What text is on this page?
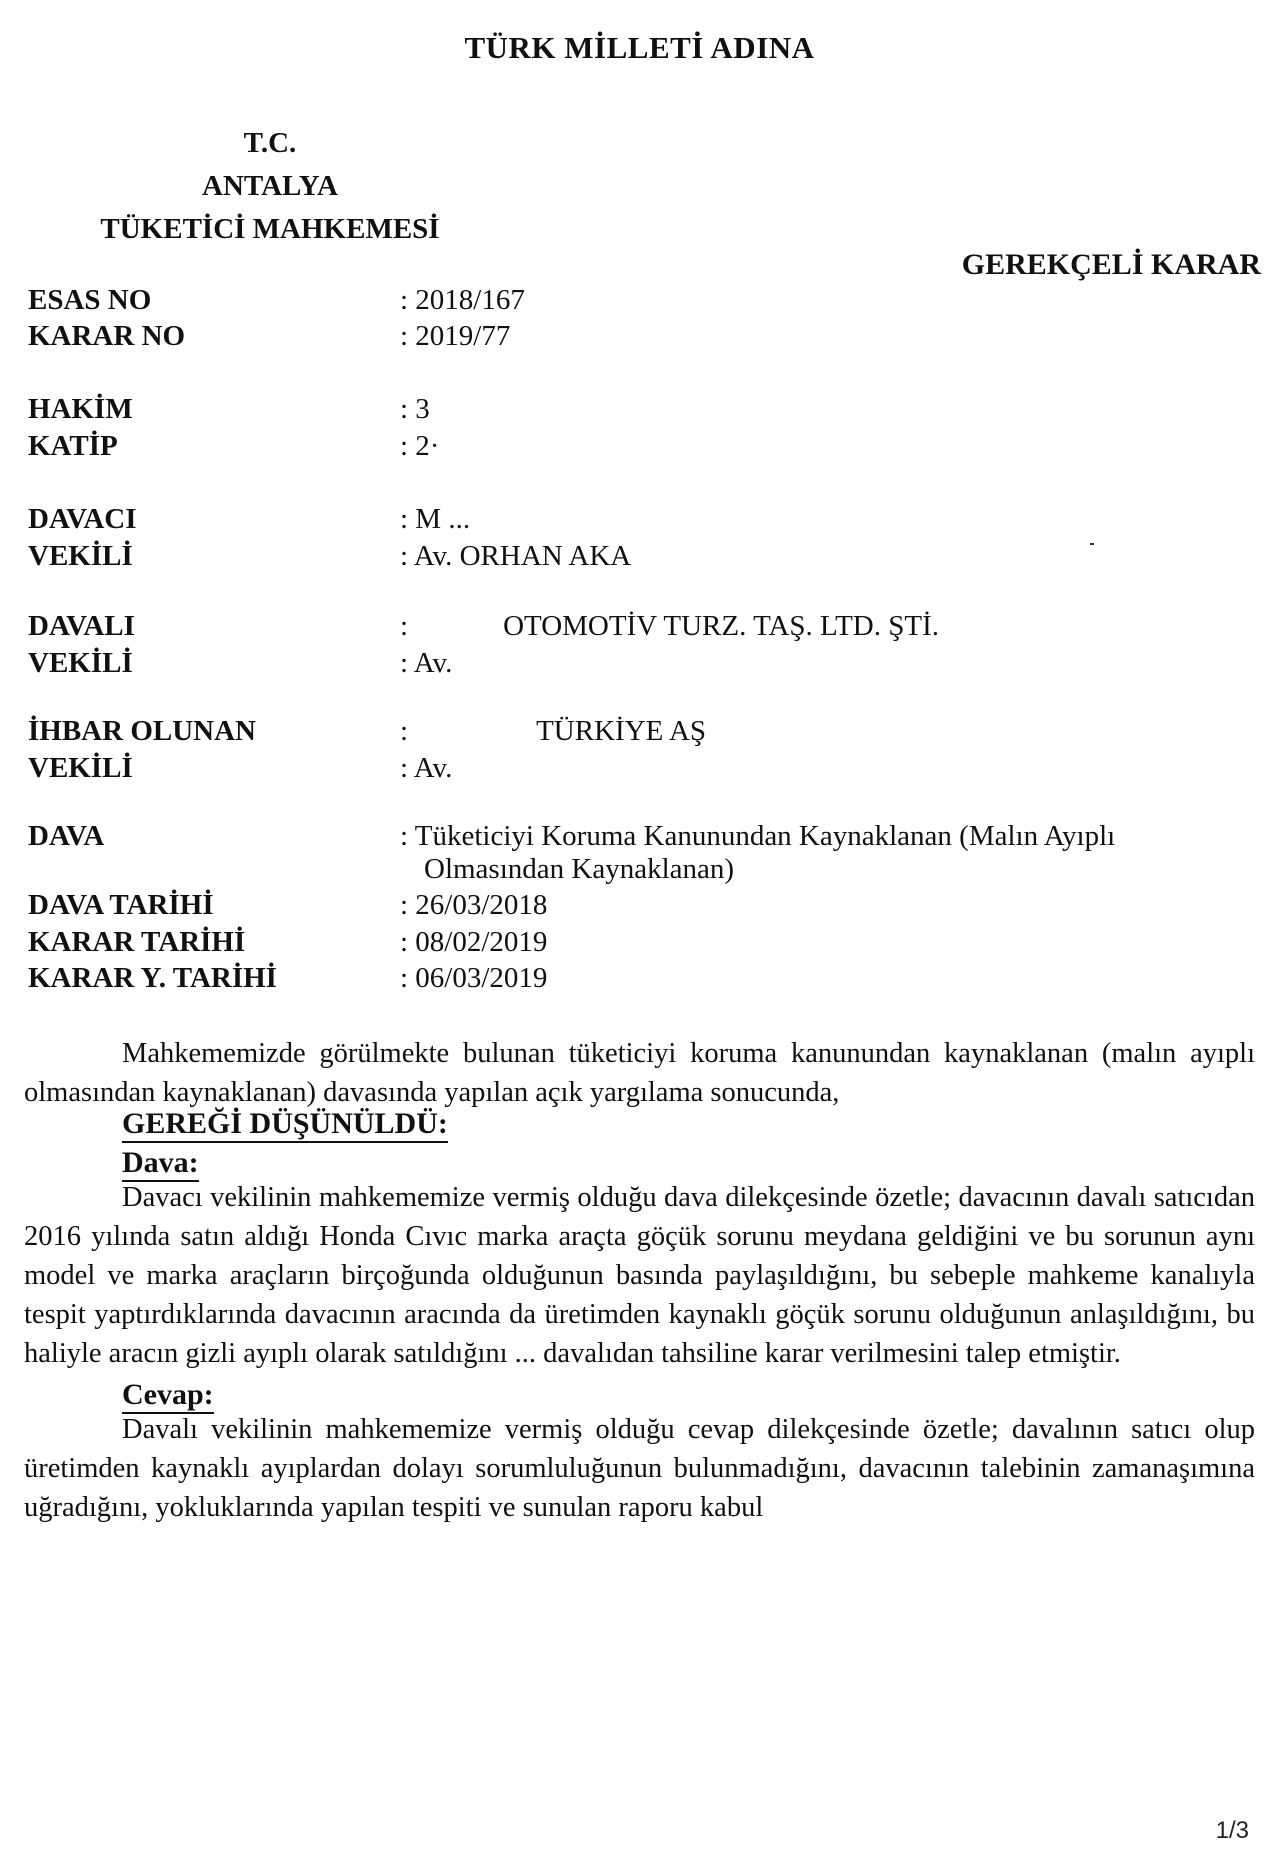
TÜRK MİLLETİ ADINA
T.C.
ANTALYA
TÜKETİCİ MAHKEMESİ
GEREKÇELİ KARAR
ESAS NO	: 2018/167
KARAR NO	: 2019/77
HAKİM	: 3
KATİP	: 2·
DAVACI	: M ...
VEKİLİ	: Av. ORHAN AKA
DAVALI	:	OTOMOTİV TURZ. TAŞ. LTD. ŞTİ.
VEKİLİ	: Av.
İHBAR OLUNAN	:	TÜRKİYE AŞ
VEKİLİ	: Av.
DAVA	: Tüketiciyi Koruma Kanunundan Kaynaklanan (Malın Ayıplı
Olmasından Kaynaklanan)
DAVA TARİHİ	: 26/03/2018
KARAR TARİHİ	: 08/02/2019
KARAR Y. TARİHİ	: 06/03/2019
Mahkememizde görülmekte bulunan tüketiciyi koruma kanunundan kaynaklanan (malın ayıplı olmasından kaynaklanan) davasında yapılan açık yargılama sonucunda,
GEREĞİ DÜŞÜNÜLDÜ:
Dava:
Davacı vekilinin mahkememize vermiş olduğu dava dilekçesinde özetle; davacının davalı satıcıdan 2016 yılında satın aldığı Honda Cıvıc marka araçta göçük sorunu meydana geldiğini ve bu sorunun aynı model ve marka araçların birçoğunda olduğunun basında paylaşıldığını, bu sebeple mahkeme kanalıyla tespit yaptırdıklarında davacının aracında da üretimden kaynaklı göçük sorunu olduğunun anlaşıldığını, bu haliyle aracın gizli ayıplı olarak satıldığını ... davalıdan tahsiline karar verilmesini talep etmiştir.
Cevap:
Davalı vekilinin mahkememize vermiş olduğu cevap dilekçesinde özetle; davalının satıcı olup üretimden kaynaklı ayıplardan dolayı sorumluluğunun bulunmadığını, davacının talebinin zamanaşımına uğradığını, yokluklarında yapılan tespiti ve sunulan raporu kabul
1/3
